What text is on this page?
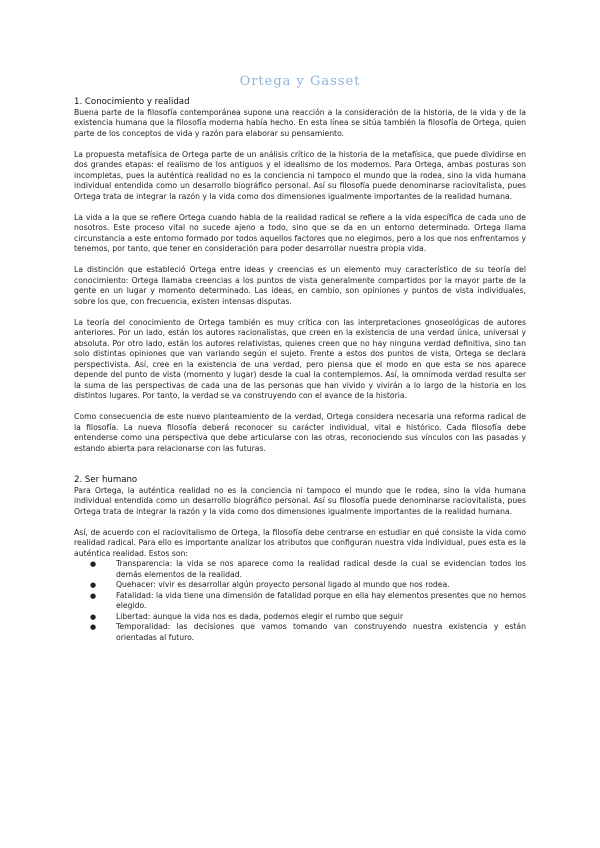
Ortega y Gasset
1. Conocimiento y realidad

Buena parte de la filosofía contemporánea supone una reacción a la consideración de la historia, de la vida y de la existencia humana que la filosofía moderna había hecho. En esta línea se sitúa también la filosofía de Ortega, quien parte de los conceptos de vida y razón para elaborar su pensamiento.

La propuesta metafísica de Ortega parte de un análisis crítico de la historia de la metafísica, que puede dividirse en dos grandes etapas: el realismo de los antiguos y el idealismo de los modernos. Para Ortega, ambas posturas son incompletas, pues la auténtica realidad no es la conciencia ni tampoco el mundo que la rodea, sino la vida humana individual entendida como un desarrollo biográfico personal. Así su filosofía puede denominarse raciovitalista, pues Ortega trata de integrar la razón y la vida como dos dimensiones igualmente importantes de la realidad humana.

La vida a la que se refiere Ortega cuando habla de la realidad radical se refiere a la vida específica de cada uno de nosotros. Este proceso vital no sucede ajeno a todo, sino que se da en un entorno determinado. Ortega llama circunstancia a este entorno formado por todos aquellos factores que no elegimos, pero a los que nos enfrentamos y tenemos, por tanto, que tener en consideración para poder desarrollar nuestra propia vida.

La distinción que estableció Ortega entre ideas y creencias es un elemento muy característico de su teoría del conocimiento: Ortega llamaba creencias a los puntos de vista generalmente compartidos por la mayor parte de la gente en un lugar y momento determinado. Las ideas, en cambio, son opiniones y puntos de vista individuales, sobre los que, con frecuencia, existen intensas disputas.

La teoría del conocimiento de Ortega también es muy crítica con las interpretaciones gnoseológicas de autores anteriores. Por un lado, están los autores racionalistas, que creen en la existencia de una verdad única, universal y absoluta. Por otro lado, están los autores relativistas, quienes creen que no hay ninguna verdad definitiva, sino tan solo distintas opiniones que van variando según el sujeto. Frente a estos dos puntos de vista, Ortega se declara perspectivista. Así, cree en la existencia de una verdad, pero piensa que el modo en que esta se nos aparece depende del punto de vista (momento y lugar) desde la cual la contemplemos. Así, la omnímoda verdad resulta ser la suma de las perspectivas de cada una de las personas que han vivido y vivirán a lo largo de la historia en los distintos lugares. Por tanto, la verdad se va construyendo con el avance de la historia.

Como consecuencia de este nuevo planteamiento de la verdad, Ortega considera necesaria una reforma radical de la filosofía. La nueva filosofía deberá reconocer su carácter individual, vital e histórico. Cada filosofía debe entenderse como una perspectiva que debe articularse con las otras, reconociendo sus vínculos con las pasadas y estando abierta para relacionarse con las futuras.

2. Ser humano

Para Ortega, la auténtica realidad no es la conciencia ni tampoco el mundo que le rodea, sino la vida humana individual entendida como un desarrollo biográfico personal. Así su filosofía puede denominarse raciovitalista, pues Ortega trata de integrar la razón y la vida como dos dimensiones igualmente importantes de la realidad humana.

Así, de acuerdo con el raciovitalismo de Ortega, la filosofía debe centrarse en estudiar en qué consiste la vida como realidad radical. Para ello es importante analizar los atributos que configuran nuestra vida individual, pues esta es la auténtica realidad. Estos son:

● Transparencia: la vida se nos aparece como la realidad radical desde la cual se evidencian todos los demás elementos de la realidad.
● Quehacer: vivir es desarrollar algún proyecto personal ligado al mundo que nos rodea.
● Fatalidad: la vida tiene una dimensión de fatalidad porque en ella hay elementos presentes que no hemos elegido.
● Libertad: aunque la vida nos es dada, podemos elegir el rumbo que seguir
● Temporalidad: las decisiones que vamos tomando van construyendo nuestra existencia y están orientadas al futuro.
